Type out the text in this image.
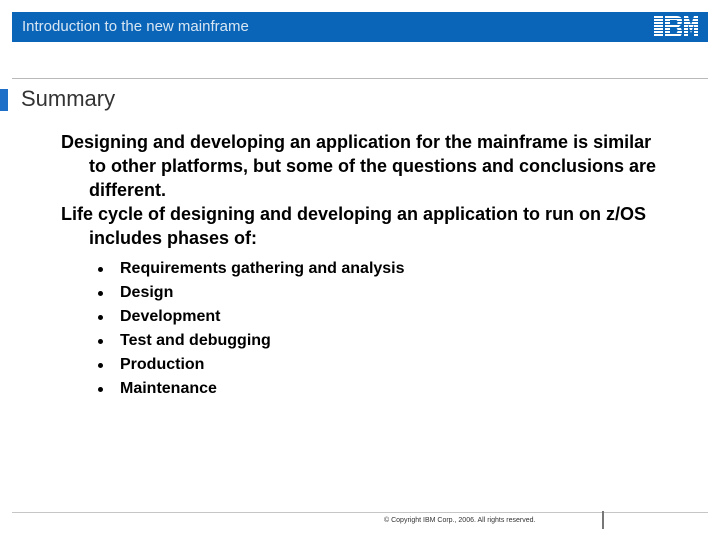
Introduction to the new mainframe
Summary

Designing and developing an application for the mainframe is similar to other platforms, but some of the questions and conclusions are different.

Life cycle of designing and developing an application to run on z/OS includes phases of:

Requirements gathering and analysis
Design
Development
Test and debugging
Production
Maintenance
© Copyright IBM Corp., 2006. All rights reserved.
